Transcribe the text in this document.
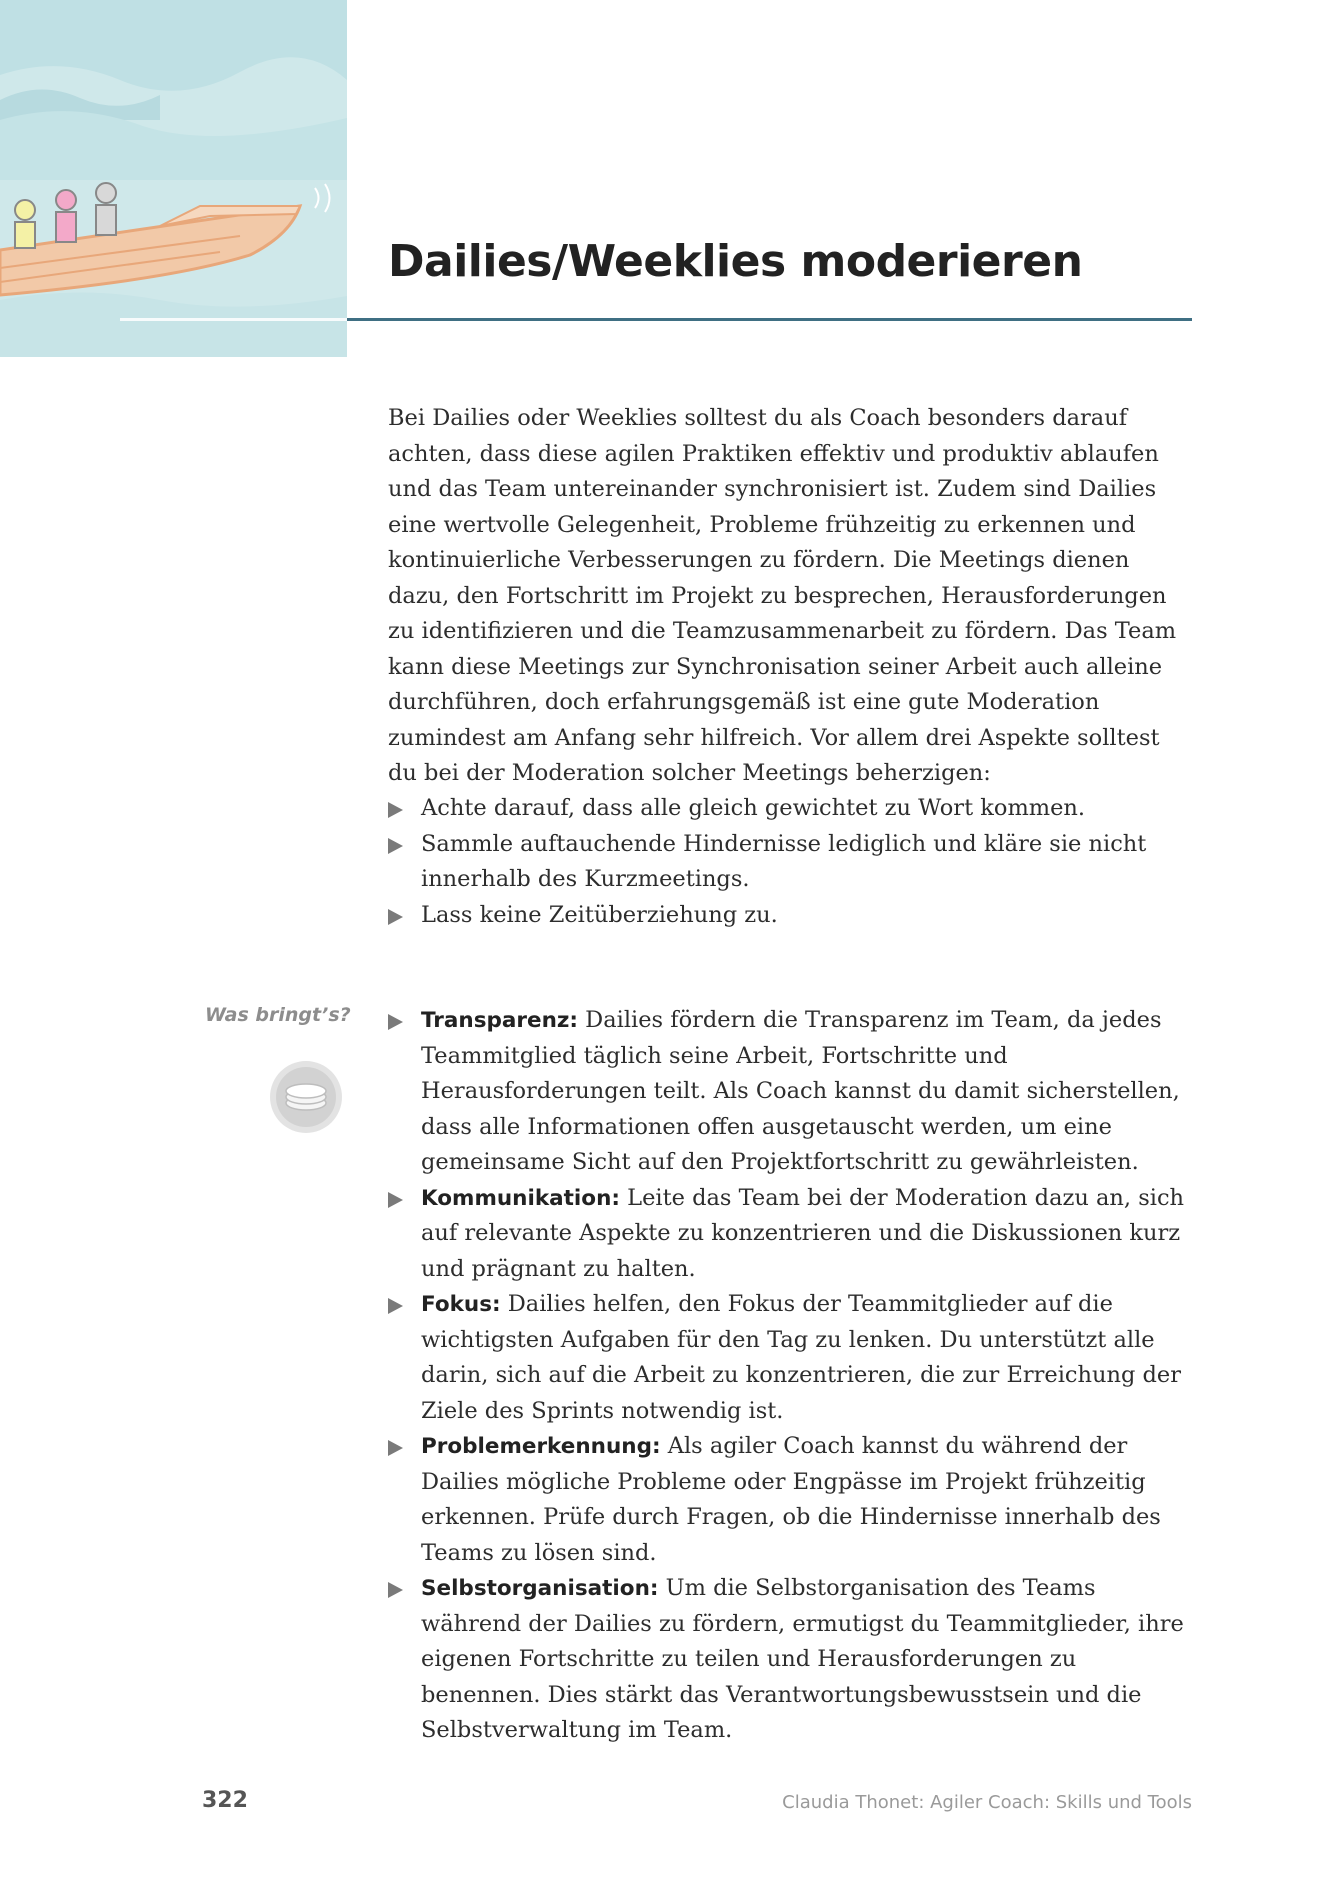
Dailies/Weeklies moderieren

Bei Dailies oder Weeklies solltest du als Coach besonders darauf achten, dass diese agilen Praktiken effektiv und produktiv ablaufen und das Team untereinander synchronisiert ist. Zudem sind Dailies eine wertvolle Gelegenheit, Probleme frühzeitig zu erkennen und kontinuierliche Verbesserungen zu fördern. Die Meetings dienen dazu, den Fortschritt im Projekt zu besprechen, Herausforderungen zu identifizieren und die Teamzusammenarbeit zu fördern. Das Team kann diese Meetings zur Synchronisation seiner Arbeit auch alleine durchführen, doch erfahrungsgemäß ist eine gute Moderation zumindest am Anfang sehr hilfreich. Vor allem drei Aspekte solltest du bei der Moderation solcher Meetings beherzigen:

Achte darauf, dass alle gleich gewichtet zu Wort kommen.
Sammle auftauchende Hindernisse lediglich und kläre sie nicht innerhalb des Kurzmeetings.
Lass keine Zeitüberziehung zu.
Was bringt’s?	Transparenz: Dailies fördern die Transparenz im Team, da jedes Teammitglied täglich seine Arbeit, Fortschritte und Herausforderungen teilt. Als Coach kannst du damit sicherstellen, dass alle Informationen offen ausgetauscht werden, um eine gemeinsame Sicht auf den Projektfortschritt zu gewährleisten.
Kommunikation: Leite das Team bei der Moderation dazu an, sich auf relevante Aspekte zu konzentrieren und die Diskussionen kurz und prägnant zu halten.
Fokus: Dailies helfen, den Fokus der Teammitglieder auf die wichtigsten Aufgaben für den Tag zu lenken. Du unterstützt alle darin, sich auf die Arbeit zu konzentrieren, die zur Erreichung der Ziele des Sprints notwendig ist.
Problemerkennung: Als agiler Coach kannst du während der Dailies mögliche Probleme oder Engpässe im Projekt frühzeitig erkennen. Prüfe durch Fragen, ob die Hindernisse innerhalb des Teams zu lösen sind.
Selbstorganisation: Um die Selbstorganisation des Teams während der Dailies zu fördern, ermutigst du Teammitglieder, ihre eigenen Fortschritte zu teilen und Herausforderungen zu benennen. Dies stärkt das Verantwortungsbewusstsein und die Selbstverwaltung im Team.
322	Claudia Thonet: Agiler Coach: Skills und Tools
